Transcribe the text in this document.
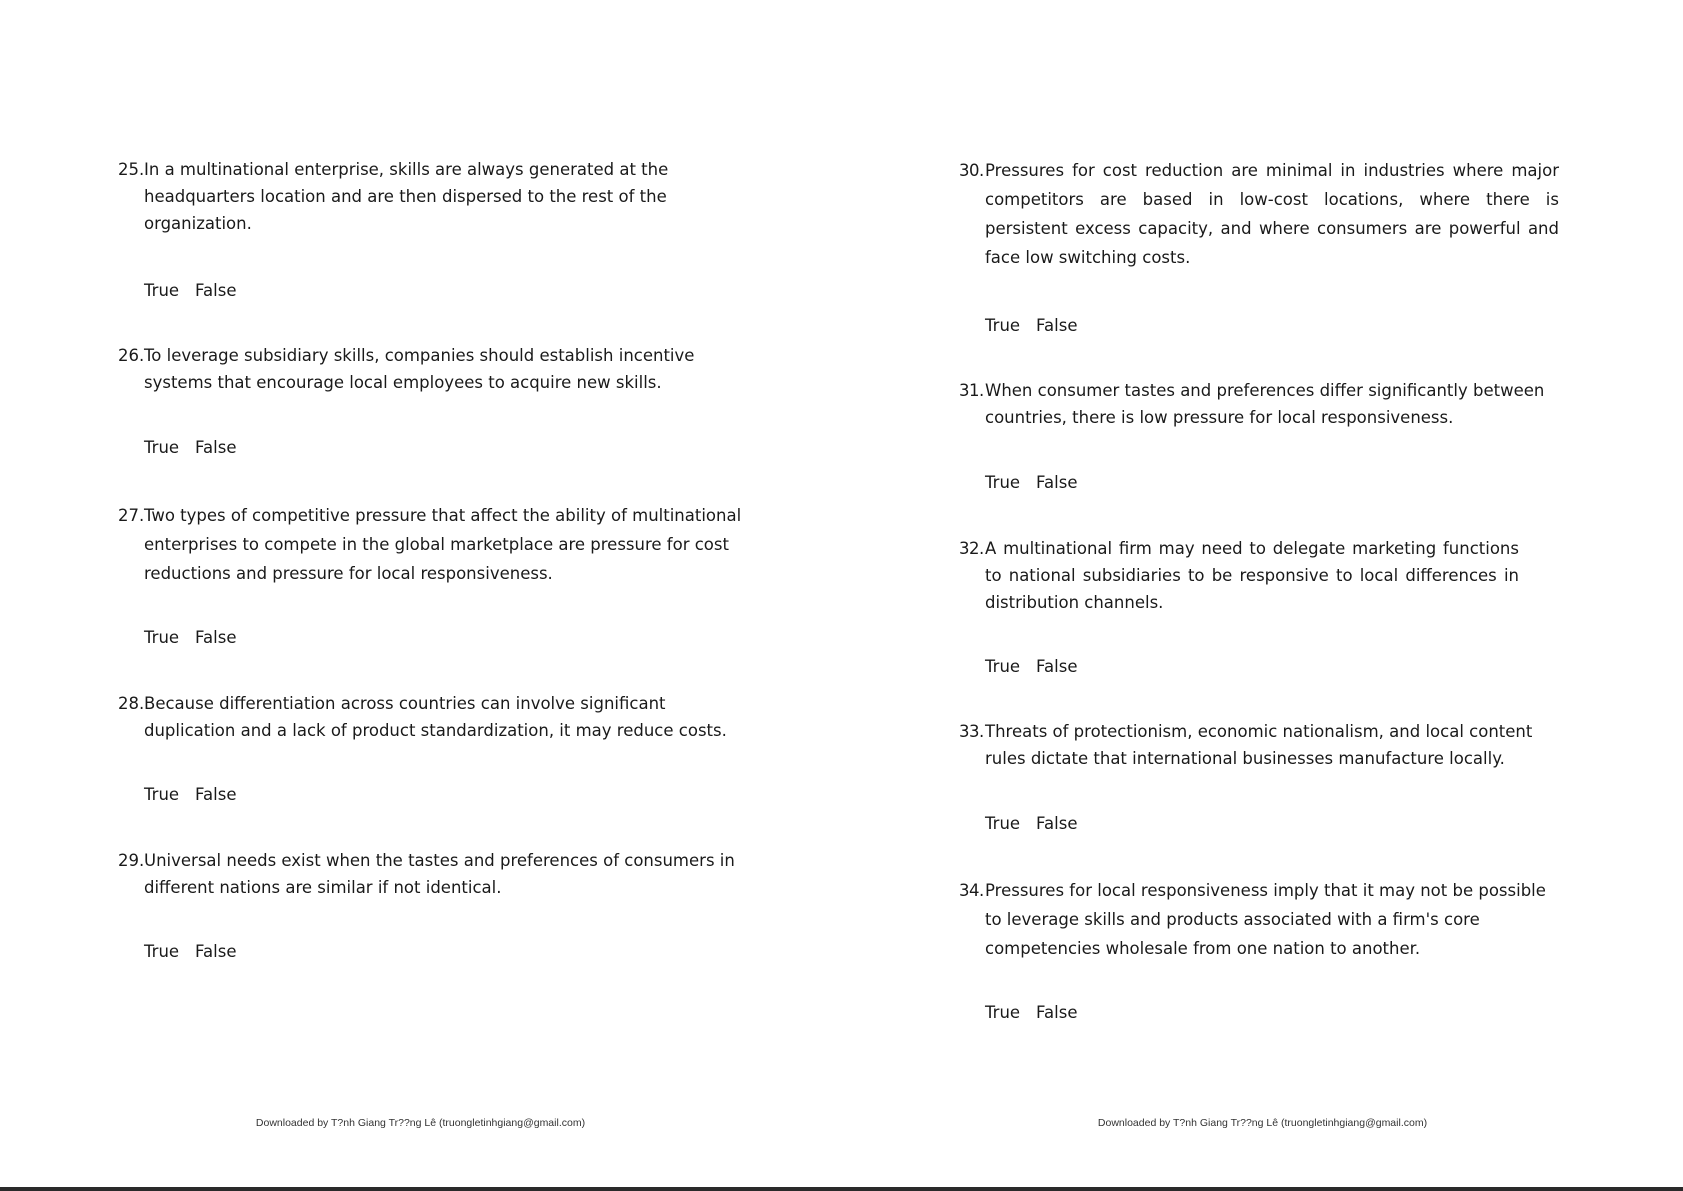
25.In a multinational enterprise, skills are always generated at the headquarters location and are then dispersed to the rest of the organization.

True False

26.To leverage subsidiary skills, companies should establish incentive systems that encourage local employees to acquire new skills.

True False

27.Two types of competitive pressure that affect the ability of multinational enterprises to compete in the global marketplace are pressure for cost reductions and pressure for local responsiveness.

True False

28.Because differentiation across countries can involve significant duplication and a lack of product standardization, it may reduce costs.

True False

29.Universal needs exist when the tastes and preferences of consumers in different nations are similar if not identical.

True False
Downloaded by T?nh Giang Tr??ng Lê (truongletinhgiang@gmail.com)

30.Pressures for cost reduction are minimal in industries where major competitors are based in low-cost locations, where there is persistent excess capacity, and where consumers are powerful and face low switching costs.

True False

31.When consumer tastes and preferences differ significantly between countries, there is low pressure for local responsiveness.

True False

32.A multinational firm may need to delegate marketing functions to national subsidiaries to be responsive to local differences in distribution channels.

True False

33.Threats of protectionism, economic nationalism, and local content rules dictate that international businesses manufacture locally.

True False

34.Pressures for local responsiveness imply that it may not be possible to leverage skills and products associated with a firm's core competencies wholesale from one nation to another.

True False
Downloaded by T?nh Giang Tr??ng Lê (truongletinhgiang@gmail.com)
